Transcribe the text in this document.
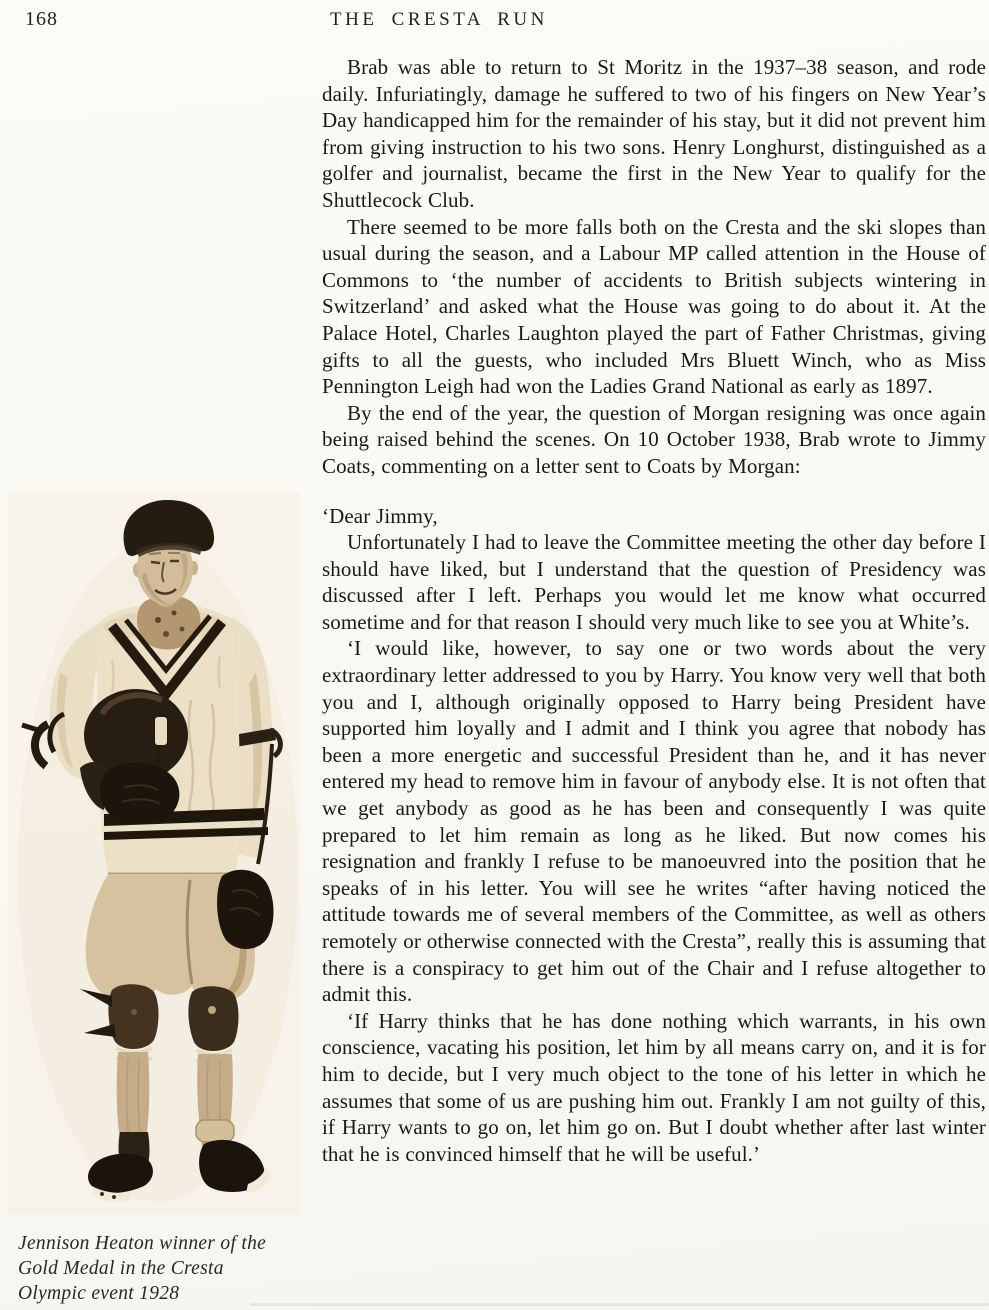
168	THE CRESTA RUN

Brab was able to return to St Moritz in the 1937–38 season, and rode daily. Infuriatingly, damage he suffered to two of his fingers on New Year’s Day handicapped him for the remainder of his stay, but it did not prevent him from giving instruction to his two sons. Henry Longhurst, distinguished as a golfer and journalist, became the first in the New Year to qualify for the Shuttlecock Club.

There seemed to be more falls both on the Cresta and the ski slopes than usual during the season, and a Labour MP called attention in the House of Commons to ‘the number of accidents to British subjects wintering in Switzerland’ and asked what the House was going to do about it. At the Palace Hotel, Charles Laughton played the part of Father Christmas, giving gifts to all the guests, who included Mrs Bluett Winch, who as Miss Pennington Leigh had won the Ladies Grand National as early as 1897.

By the end of the year, the question of Morgan resigning was once again being raised behind the scenes. On 10 October 1938, Brab wrote to Jimmy Coats, commenting on a letter sent to Coats by Morgan:

‘Dear Jimmy,

Unfortunately I had to leave the Committee meeting the other day before I should have liked, but I understand that the question of Presidency was discussed after I left. Perhaps you would let me know what occurred sometime and for that reason I should very much like to see you at White’s.

‘I would like, however, to say one or two words about the very extraordinary letter addressed to you by Harry. You know very well that both you and I, although originally opposed to Harry being President have supported him loyally and I admit and I think you agree that nobody has been a more energetic and successful President than he, and it has never entered my head to remove him in favour of anybody else. It is not often that we get anybody as good as he has been and consequently I was quite prepared to let him remain as long as he liked. But now comes his resignation and frankly I refuse to be manoeuvred into the position that he speaks of in his letter. You will see he writes “after having noticed the attitude towards me of several members of the Committee, as well as others remotely or otherwise connected with the Cresta”, really this is assuming that there is a conspiracy to get him out of the Chair and I refuse altogether to admit this.

‘If Harry thinks that he has done nothing which warrants, in his own conscience, vacating his position, let him by all means carry on, and it is for him to decide, but I very much object to the tone of his letter in which he assumes that some of us are pushing him out. Frankly I am not guilty of this, if Harry wants to go on, let him go on. But I doubt whether after last winter that he is convinced himself that he will be useful.’

Jennison Heaton winner of the
Gold Medal in the Cresta
Olympic event 1928
